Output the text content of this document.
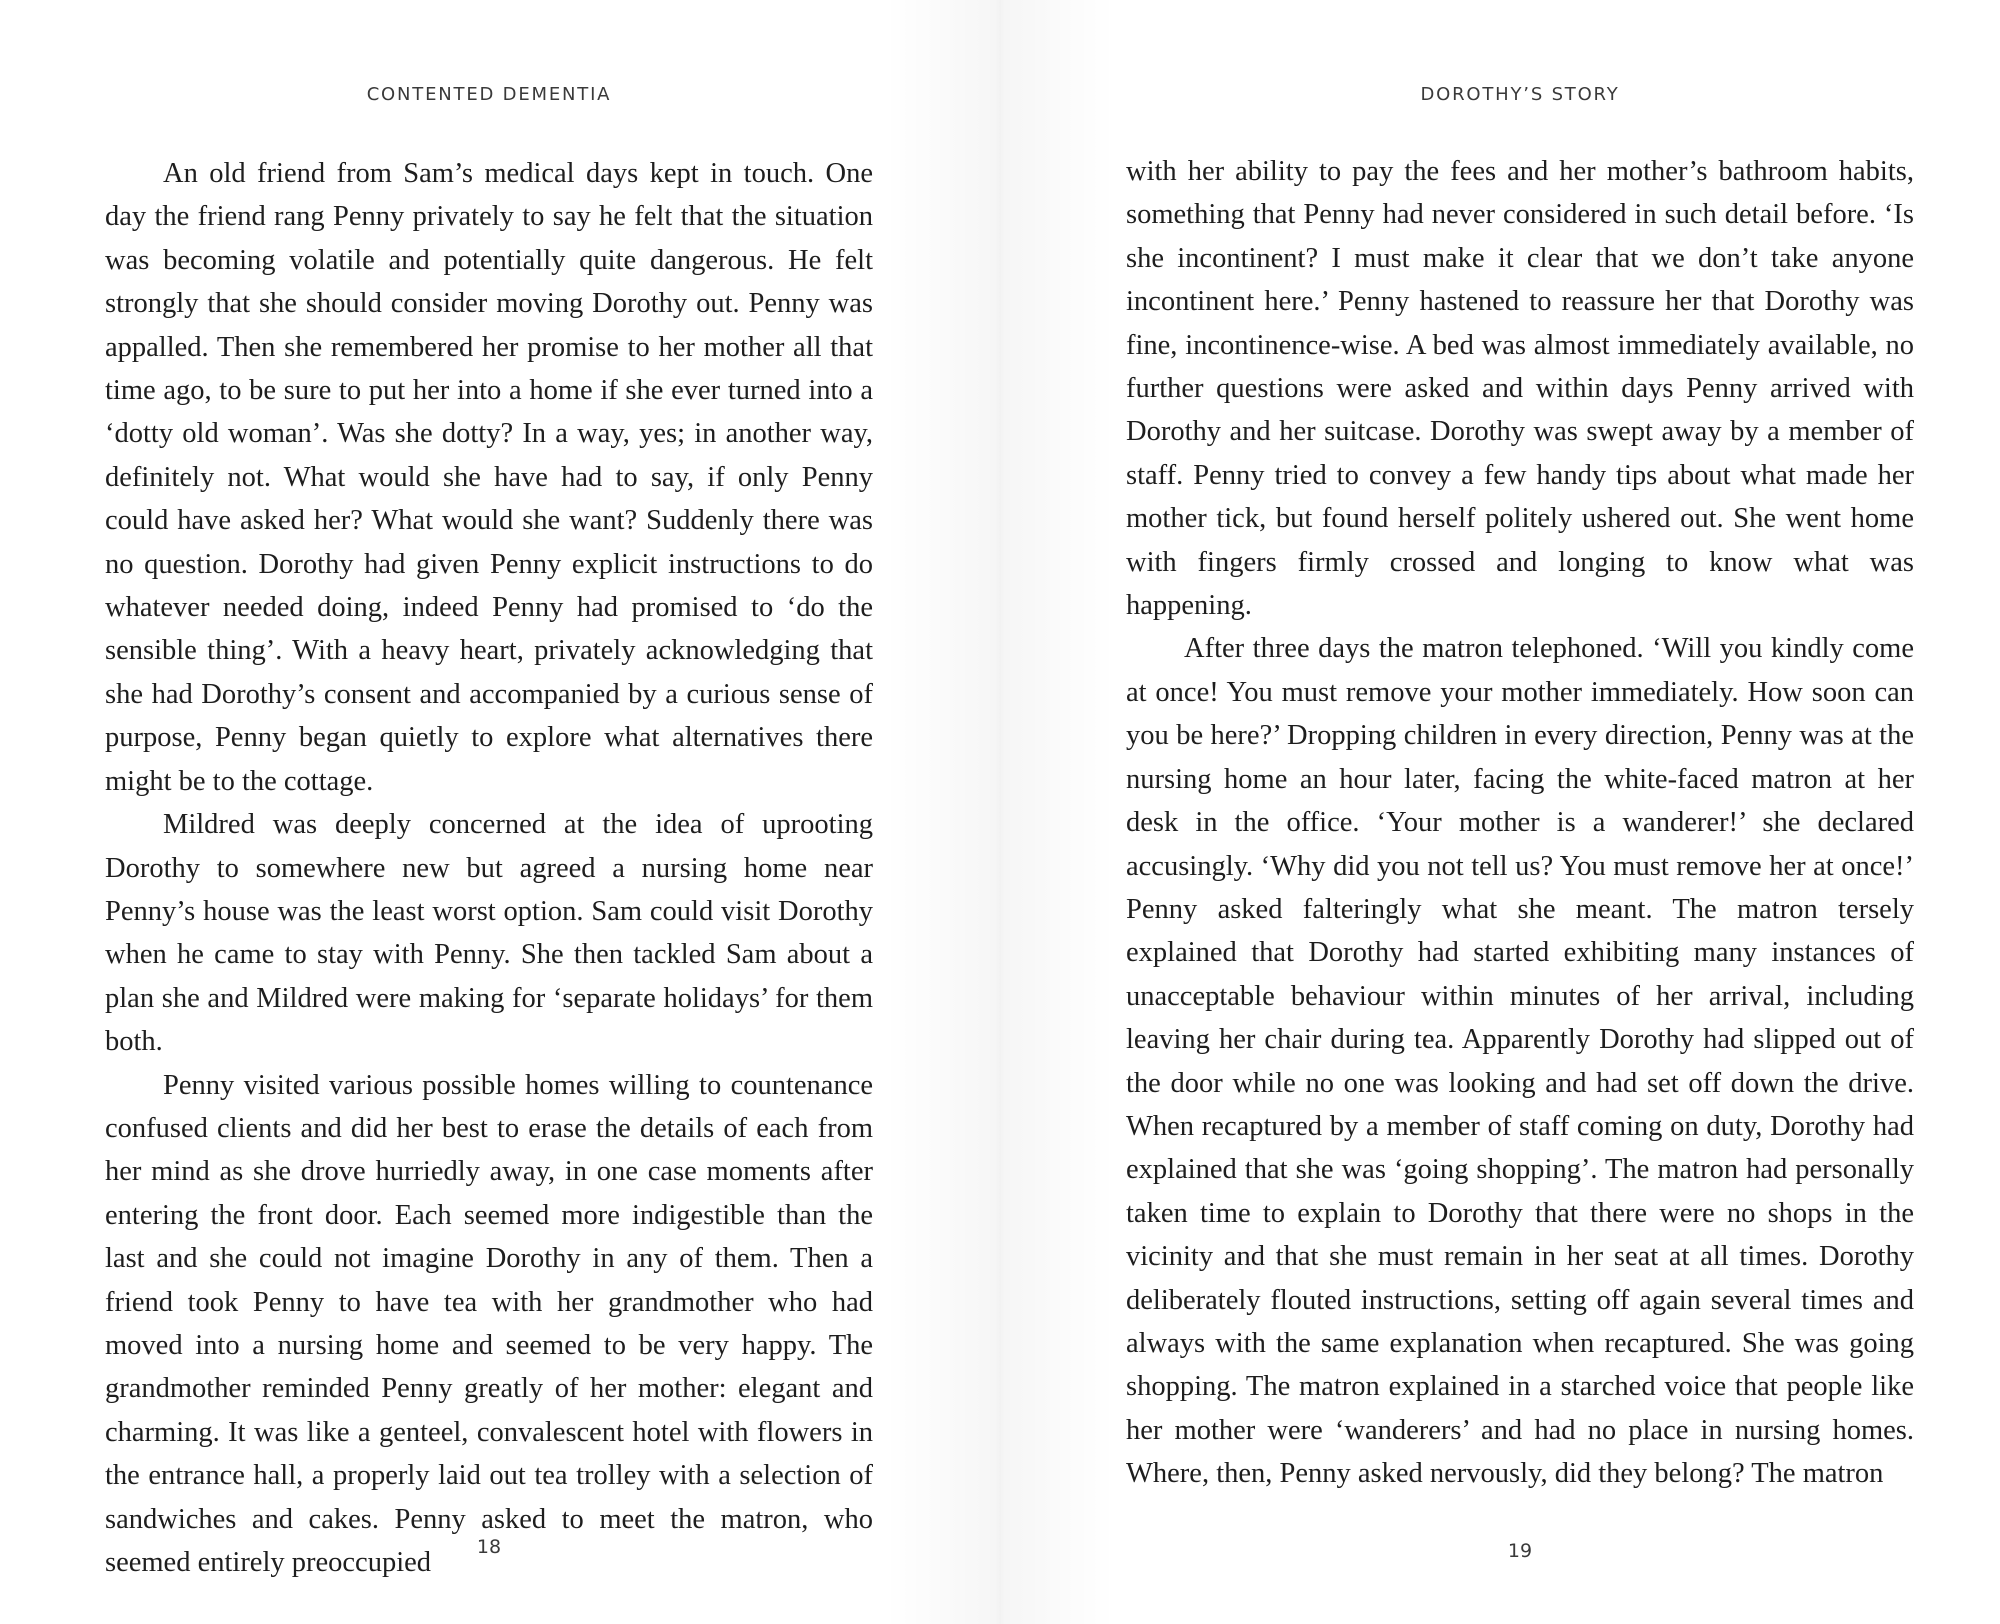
CONTENTED DEMENTIA

An old friend from Sam’s medical days kept in touch. One day the friend rang Penny privately to say he felt that the situation was becoming volatile and potentially quite dangerous. He felt strongly that she should consider moving Dorothy out. Penny was appalled. Then she remembered her promise to her mother all that time ago, to be sure to put her into a home if she ever turned into a ‘dotty old woman’. Was she dotty? In a way, yes; in another way, definitely not. What would she have had to say, if only Penny could have asked her? What would she want? Suddenly there was no question. Dorothy had given Penny explicit instructions to do whatever needed doing, indeed Penny had promised to ‘do the sensible thing’. With a heavy heart, privately acknowledging that she had Dorothy’s consent and accompanied by a curious sense of purpose, Penny began quietly to explore what alternatives there might be to the cottage.

Mildred was deeply concerned at the idea of uprooting Dorothy to somewhere new but agreed a nursing home near Penny’s house was the least worst option. Sam could visit Dorothy when he came to stay with Penny. She then tackled Sam about a plan she and Mildred were making for ‘separate holidays’ for them both.

Penny visited various possible homes willing to countenance confused clients and did her best to erase the details of each from her mind as she drove hurriedly away, in one case moments after entering the front door. Each seemed more indigestible than the last and she could not imagine Dorothy in any of them. Then a friend took Penny to have tea with her grandmother who had moved into a nursing home and seemed to be very happy. The grandmother reminded Penny greatly of her mother: elegant and charming. It was like a genteel, convalescent hotel with flowers in the entrance hall, a properly laid out tea trolley with a selection of sandwiches and cakes. Penny asked to meet the matron, who seemed entirely preoccupied	18
DOROTHY’S STORY

with her ability to pay the fees and her mother’s bathroom habits, something that Penny had never considered in such detail before. ‘Is she incontinent? I must make it clear that we don’t take anyone incontinent here.’ Penny hastened to reassure her that Dorothy was fine, incontinence-wise. A bed was almost immediately available, no further questions were asked and within days Penny arrived with Dorothy and her suitcase. Dorothy was swept away by a member of staff. Penny tried to convey a few handy tips about what made her mother tick, but found herself politely ushered out. She went home with fingers firmly crossed and longing to know what was happening.

After three days the matron telephoned. ‘Will you kindly come at once! You must remove your mother immediately. How soon can you be here?’ Dropping children in every direction, Penny was at the nursing home an hour later, facing the white-faced matron at her desk in the office. ‘Your mother is a wanderer!’ she declared accusingly. ‘Why did you not tell us? You must remove her at once!’ Penny asked falteringly what she meant. The matron tersely explained that Dorothy had started exhibiting many instances of unacceptable behaviour within minutes of her arrival, including leaving her chair during tea. Apparently Dorothy had slipped out of the door while no one was looking and had set off down the drive. When recaptured by a member of staff coming on duty, Dorothy had explained that she was ‘going shopping’. The matron had personally taken time to explain to Dorothy that there were no shops in the vicinity and that she must remain in her seat at all times. Dorothy deliberately flouted instructions, setting off again several times and always with the same explanation when recaptured. She was going shopping. The matron explained in a starched voice that people like her mother were ‘wanderers’ and had no place in nursing homes. Where, then, Penny asked nervously, did they belong? The matron

19
